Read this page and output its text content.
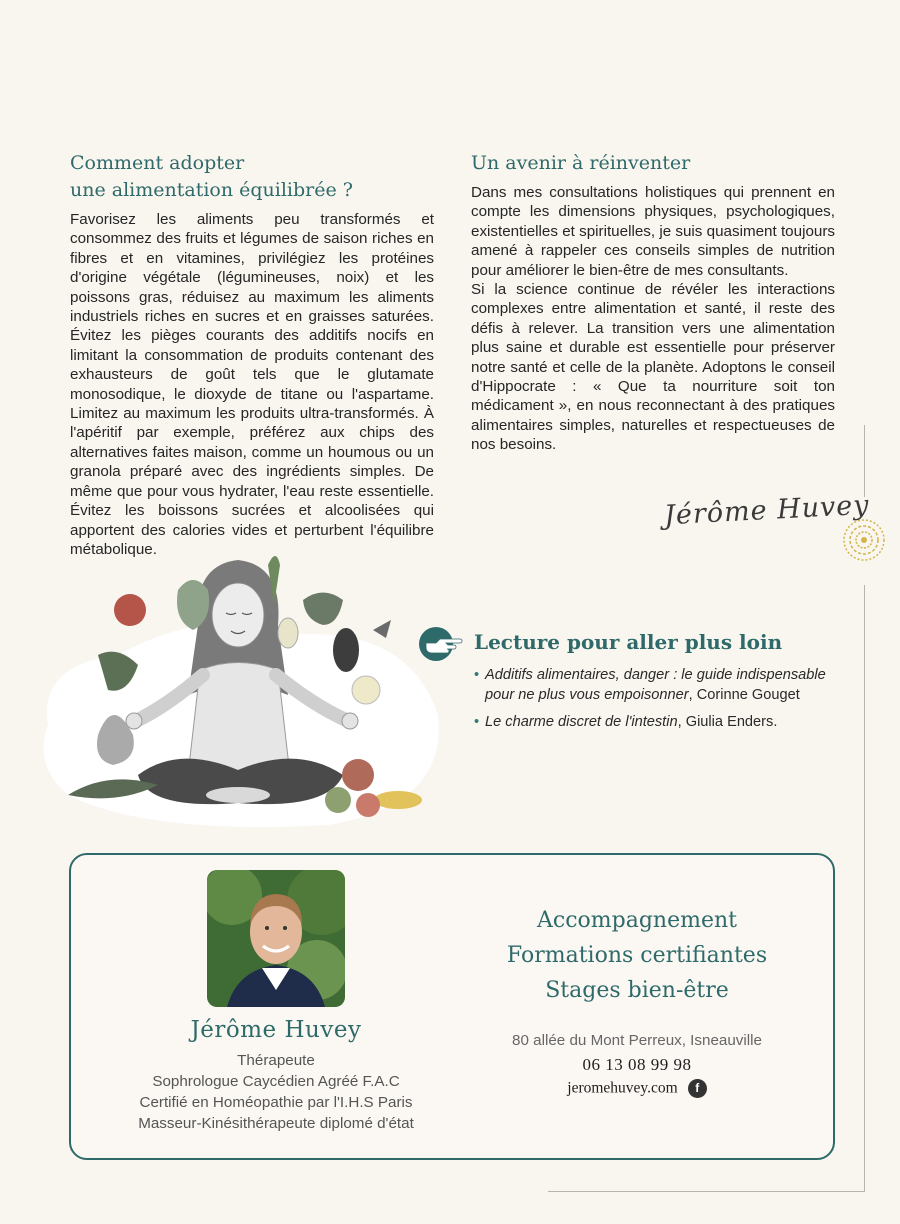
Comment adopter
une alimentation équilibrée ?

Favorisez les aliments peu transformés et consommez des fruits et légumes de saison riches en fibres et en vitamines, privilégiez les protéines d'origine végétale (légumineuses, noix) et les poissons gras, réduisez au maximum les aliments industriels riches en sucres et en graisses saturées. Évitez les pièges courants des additifs nocifs en limitant la consommation de produits contenant des exhausteurs de goût tels que le glutamate monosodique, le dioxyde de titane ou l'aspartame. Limitez au maximum les produits ultra-transformés. À l'apéritif par exemple, préférez aux chips des alternatives faites maison, comme un houmous ou un granola préparé avec des ingrédients simples. De même que pour vous hydrater, l'eau reste essentielle. Évitez les boissons sucrées et alcoolisées qui apportent des calories vides et perturbent l'équilibre métabolique.

Un avenir à réinventer

Dans mes consultations holistiques qui prennent en compte les dimensions physiques, psychologiques, existentielles et spirituelles, je suis quasiment toujours amené à rappeler ces conseils simples de nutrition pour améliorer le bien-être de mes consultants.

Si la science continue de révéler les interactions complexes entre alimentation et santé, il reste des défis à relever. La transition vers une alimentation plus saine et durable est essentielle pour préserver notre santé et celle de la planète. Adoptons le conseil d'Hippocrate : « Que ta nourriture soit ton médicament », en nous reconnectant à des pratiques alimentaires simples, naturelles et respectueuses de nos besoins.

Jérôme Huvey
Lecture pour aller plus loin
• Additifs alimentaires, danger : le guide indispensable pour ne plus vous empoisonner, Corinne Gouget
• Le charme discret de l'intestin, Giulia Enders.
Jérôme Huvey
Thérapeute
Sophrologue Caycédien Agréé F.A.C
Certifié en Homéopathie par l'I.H.S Paris
Masseur-Kinésithérapeute diplomé d'état
Accompagnement
Formations certifiantes
Stages bien-être
80 allée du Mont Perreux, Isneauville
06 13 08 99 98
jeromehuvey.com f
